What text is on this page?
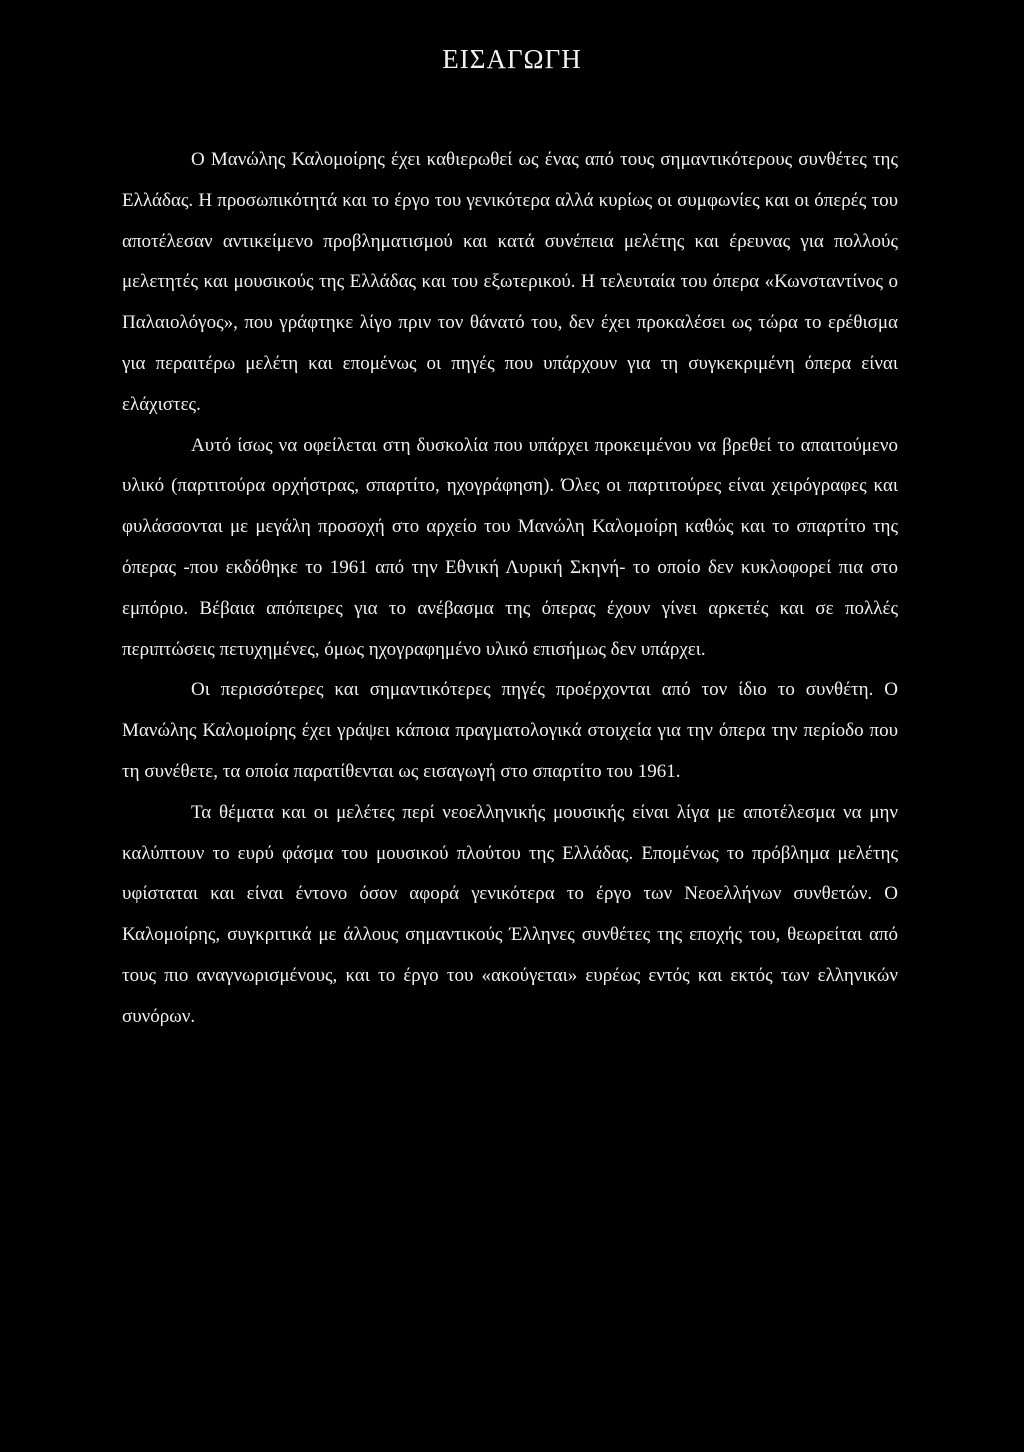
ΕΙΣΑΓΩΓΗ

Ο Μανώλης Καλομοίρης έχει καθιερωθεί ως ένας από τους σημαντικότερους συνθέτες της Ελλάδας. Η προσωπικότητά και το έργο του γενικότερα αλλά κυρίως οι συμφωνίες και οι όπερές του αποτέλεσαν αντικείμενο προβληματισμού και κατά συνέπεια μελέτης και έρευνας για πολλούς μελετητές και μουσικούς της Ελλάδας και του εξωτερικού. Η τελευταία του όπερα «Κωνσταντίνος ο Παλαιολόγος», που γράφτηκε λίγο πριν τον θάνατό του, δεν έχει προκαλέσει ως τώρα το ερέθισμα για περαιτέρω μελέτη και επομένως οι πηγές που υπάρχουν για τη συγκεκριμένη όπερα είναι ελάχιστες.

Αυτό ίσως να οφείλεται στη δυσκολία που υπάρχει προκειμένου να βρεθεί το απαιτούμενο υλικό (παρτιτούρα ορχήστρας, σπαρτίτο, ηχογράφηση). Όλες οι παρτιτούρες είναι χειρόγραφες και φυλάσσονται με μεγάλη προσοχή στο αρχείο του Μανώλη Καλομοίρη καθώς και το σπαρτίτο της όπερας -που εκδόθηκε το 1961 από την Εθνική Λυρική Σκηνή- το οποίο δεν κυκλοφορεί πια στο εμπόριο. Βέβαια απόπειρες για το ανέβασμα της όπερας έχουν γίνει αρκετές και σε πολλές περιπτώσεις πετυχημένες, όμως ηχογραφημένο υλικό επισήμως δεν υπάρχει.

Οι περισσότερες και σημαντικότερες πηγές προέρχονται από τον ίδιο το συνθέτη. Ο Μανώλης Καλομοίρης έχει γράψει κάποια πραγματολογικά στοιχεία για την όπερα την περίοδο που τη συνέθετε, τα οποία παρατίθενται ως εισαγωγή στο σπαρτίτο του 1961.

Τα θέματα και οι μελέτες περί νεοελληνικής μουσικής είναι λίγα με αποτέλεσμα να μην καλύπτουν το ευρύ φάσμα του μουσικού πλούτου της Ελλάδας. Επομένως το πρόβλημα μελέτης υφίσταται και είναι έντονο όσον αφορά γενικότερα το έργο των Νεοελλήνων συνθετών. Ο Καλομοίρης, συγκριτικά με άλλους σημαντικούς Έλληνες συνθέτες της εποχής του, θεωρείται από τους πιο αναγνωρισμένους, και το έργο του «ακούγεται» ευρέως εντός και εκτός των ελληνικών συνόρων.
